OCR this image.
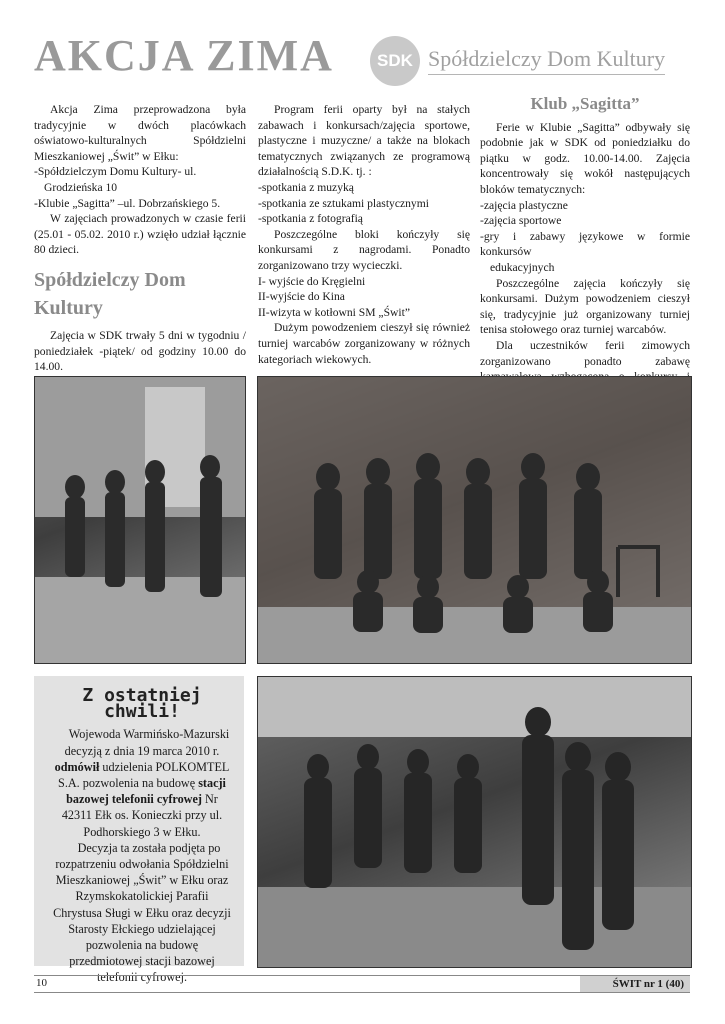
AKCJA ZIMA	SDK Spółdzielczy Dom Kultury

Akcja Zima przeprowadzona była tradycyjnie w dwóch placówkach oświatowo-kulturalnych Spółdzielni Mieszkaniowej „Świt” w Ełku:

-Spółdzielczym Domu Kultury- ul.

Grodzieńska 10

-Klubie „Sagitta” –ul. Dobrzańskiego 5.

W zajęciach prowadzonych w czasie ferii (25.01 - 05.02. 2010 r.) wzięło udział łącznie 80 dzieci.

Spółdzielczy Dom Kultury

Zajęcia w SDK trwały 5 dni w tygodniu / poniedziałek -piątek/ od godziny 10.00 do 14.00.

Program ferii oparty był na stałych zabawach i konkursach/zajęcia sportowe, plastyczne i muzyczne/ a także na blokach tematycznych związanych ze programową działalnością S.D.K. tj. :

-spotkania z muzyką

-spotkania ze sztukami plastycznymi

-spotkania z fotografią

Poszczególne bloki kończyły się konkursami z nagrodami. Ponadto zorganizowano trzy wycieczki.

I- wyjście do Kręgielni

II-wyjście do Kina

II-wizyta w kotłowni SM „Świt”

Dużym powodzeniem cieszył się również turniej warcabów zorganizowany w różnych kategoriach wiekowych.

Klub „Sagitta”

Ferie w Klubie „Sagitta” odbywały się podobnie jak w SDK od poniedziałku do piątku w godz. 10.00-14.00. Zajęcia koncentrowały się wokół następujących bloków tematycznych:

-zajęcia plastyczne

-zajęcia sportowe

-gry i zabawy językowe w formie konkursów

edukacyjnych

Poszczególne zajęcia kończyły się konkursami. Dużym powodzeniem cieszył się, tradycyjnie już organizowany turniej tenisa stołowego oraz turniej warcabów.

Dla uczestników ferii zimowych zorganizowano ponadto zabawę

Z ostatniej chwili!

Wojewoda Warmińsko-Mazurski decyzją z dnia 19 marca 2010 r. odmówił udzielenia POLKOMTEL S.A. pozwolenia na budowę stacji bazowej telefonii cyfrowej Nr 42311 Ełk os. Konieczki przy ul. Podhorskiego 3 w Ełku.

Decyzja ta została podjęta po rozpatrzeniu odwołania Spółdzielni Mieszkaniowej „Świt” w Ełku oraz Rzymskokatolickiej Parafii Chrystusa Sługi w Ełku oraz decyzji Starosty Ełckiego udzielającej pozwolenia na budowę przedmiotowej stacji bazowej telefonii cyfrowej.

10	ŚWIT nr 1 (40)
